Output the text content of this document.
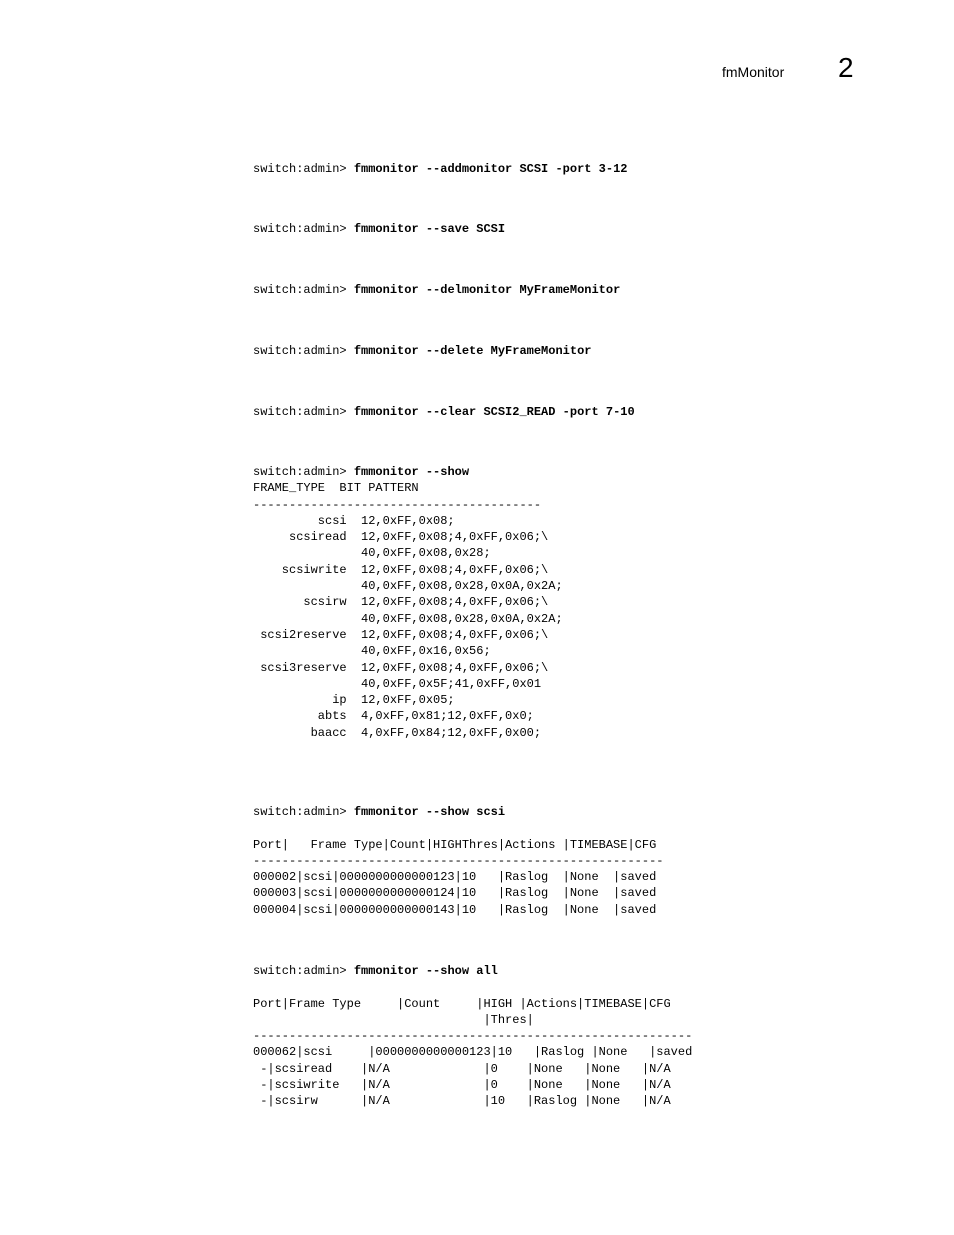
fmMonitor 2
switch:admin> fmmonitor --addmonitor SCSI -port 3-12
switch:admin> fmmonitor --save SCSI
switch:admin> fmmonitor --delmonitor MyFrameMonitor
switch:admin> fmmonitor --delete MyFrameMonitor
switch:admin> fmmonitor --clear SCSI2_READ -port 7-10
switch:admin> fmmonitor --show
FRAME_TYPE  BIT PATTERN
----------------------------------------
scsi  12,0xFF,0x08;
scsiread  12,0xFF,0x08;4,0xFF,0x06;\
40,0xFF,0x08,0x28;
scsiwrite  12,0xFF,0x08;4,0xFF,0x06;\
40,0xFF,0x08,0x28,0x0A,0x2A;
scsirw  12,0xFF,0x08;4,0xFF,0x06;\
40,0xFF,0x08,0x28,0x0A,0x2A;
scsi2reserve  12,0xFF,0x08;4,0xFF,0x06;\
40,0xFF,0x16,0x56;
scsi3reserve  12,0xFF,0x08;4,0xFF,0x06;\
40,0xFF,0x5F;41,0xFF,0x01
ip  12,0xFF,0x05;
abts  4,0xFF,0x81;12,0xFF,0x0;
baacc  4,0xFF,0x84;12,0xFF,0x00;
switch:admin> fmmonitor --show scsi

Port|   Frame Type|Count|HIGHThres|Actions |TIMEBASE|CFG
---------------------------------------------------------
000002|scsi|0000000000000123|10   |Raslog  |None  |saved
000003|scsi|0000000000000124|10   |Raslog  |None  |saved
000004|scsi|0000000000000143|10   |Raslog  |None  |saved
switch:admin> fmmonitor --show all

Port|Frame Type     |Count     |HIGH |Actions|TIMEBASE|CFG
|Thres|
-------------------------------------------------------------
000062|scsi     |0000000000000123|10   |Raslog |None   |saved
-|scsiread    |N/A             |0    |None   |None   |N/A
-|scsiwrite   |N/A             |0    |None   |None   |N/A
-|scsirw      |N/A             |10   |Raslog |None   |N/A
